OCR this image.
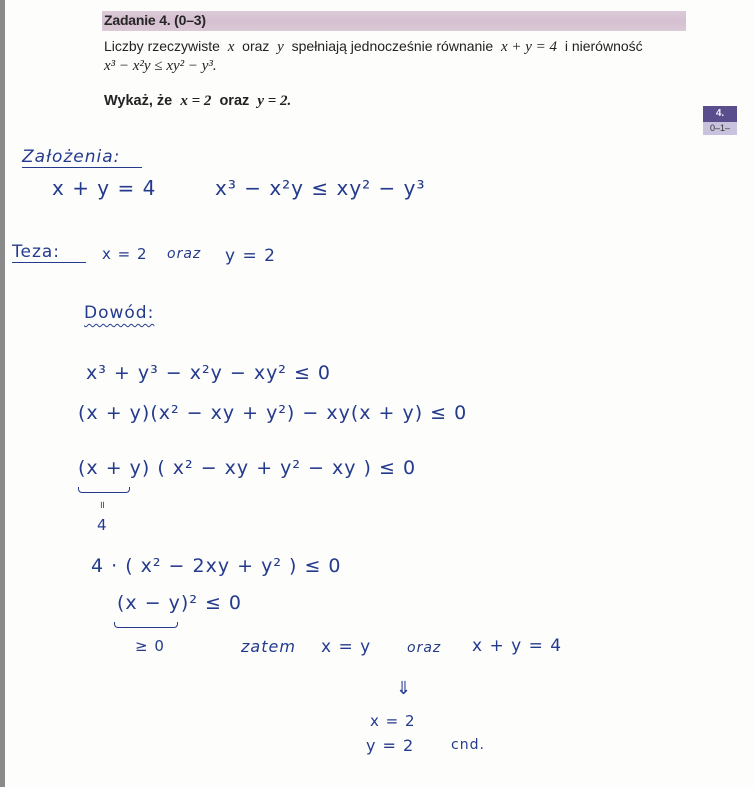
Zadanie 4. (0–3)
Liczby rzeczywiste x oraz y spełniają jednocześnie równanie x + y = 4 i nierówność
x³ − x²y ≤ xy² − y³.
Wykaż, że x = 2 oraz y = 2.
4.
0–1–
Założenia:
x + y = 4	x³ − x²y ≤ xy² − y³
Teza:	x = 2 oraz y = 2
Dowód:
x³ + y³ − x²y − xy² ≤ 0
(x + y)(x² − xy + y²) − xy(x + y) ≤ 0
(x + y) ( x² − xy + y² − xy ) ≤ 0
॥
4
4 · ( x² − 2xy + y² ) ≤ 0
(x − y)² ≤ 0
≥ 0	zatem x = y	oraz x + y = 4
⇓
x = 2
y = 2	cnd.
